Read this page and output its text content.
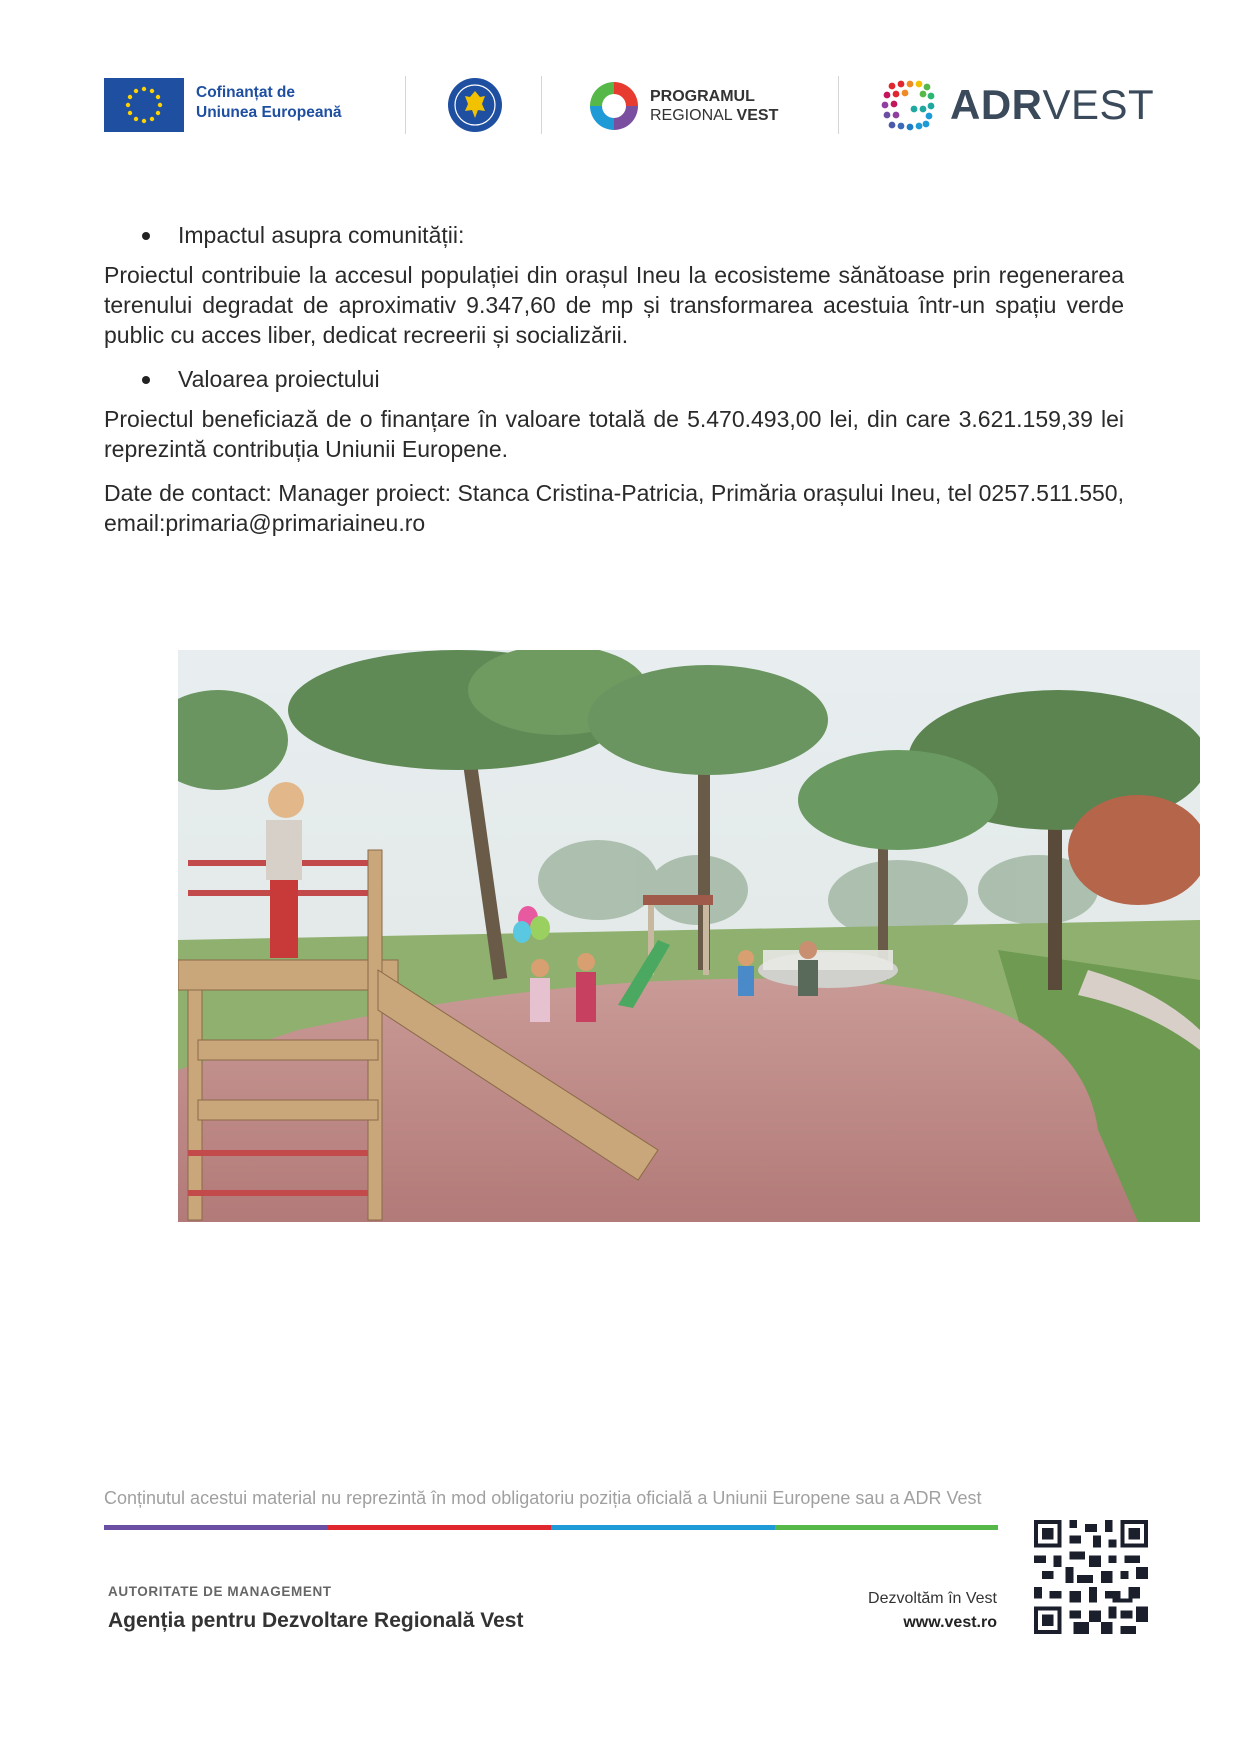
Cofinanțat de
Uniunea Europeană
PROGRAMUL
REGIONAL VEST	ADRVEST
Impactul asupra comunității:

Proiectul contribuie la accesul populației din orașul Ineu la ecosisteme sănătoase prin regenerarea terenului degradat de aproximativ 9.347,60 de mp și transformarea acestuia într-un spațiu verde public cu acces liber, dedicat recreerii și socializării.

Valoarea proiectului

Proiectul beneficiază de o finanțare în valoare totală de 5.470.493,00 lei, din care 3.621.159,39 lei reprezintă contribuția Uniunii Europene.

Date de contact: Manager proiect: Stanca Cristina-Patricia, Primăria orașului Ineu, tel 0257.511.550, email:primaria@primariaineu.ro

Conținutul acestui material nu reprezintă în mod obligatoriu poziția oficială a Uniunii Europene sau a ADR Vest
AUTORITATE DE MANAGEMENT
Agenția pentru Dezvoltare Regională Vest
Dezvoltăm în Vest
www.vest.ro
